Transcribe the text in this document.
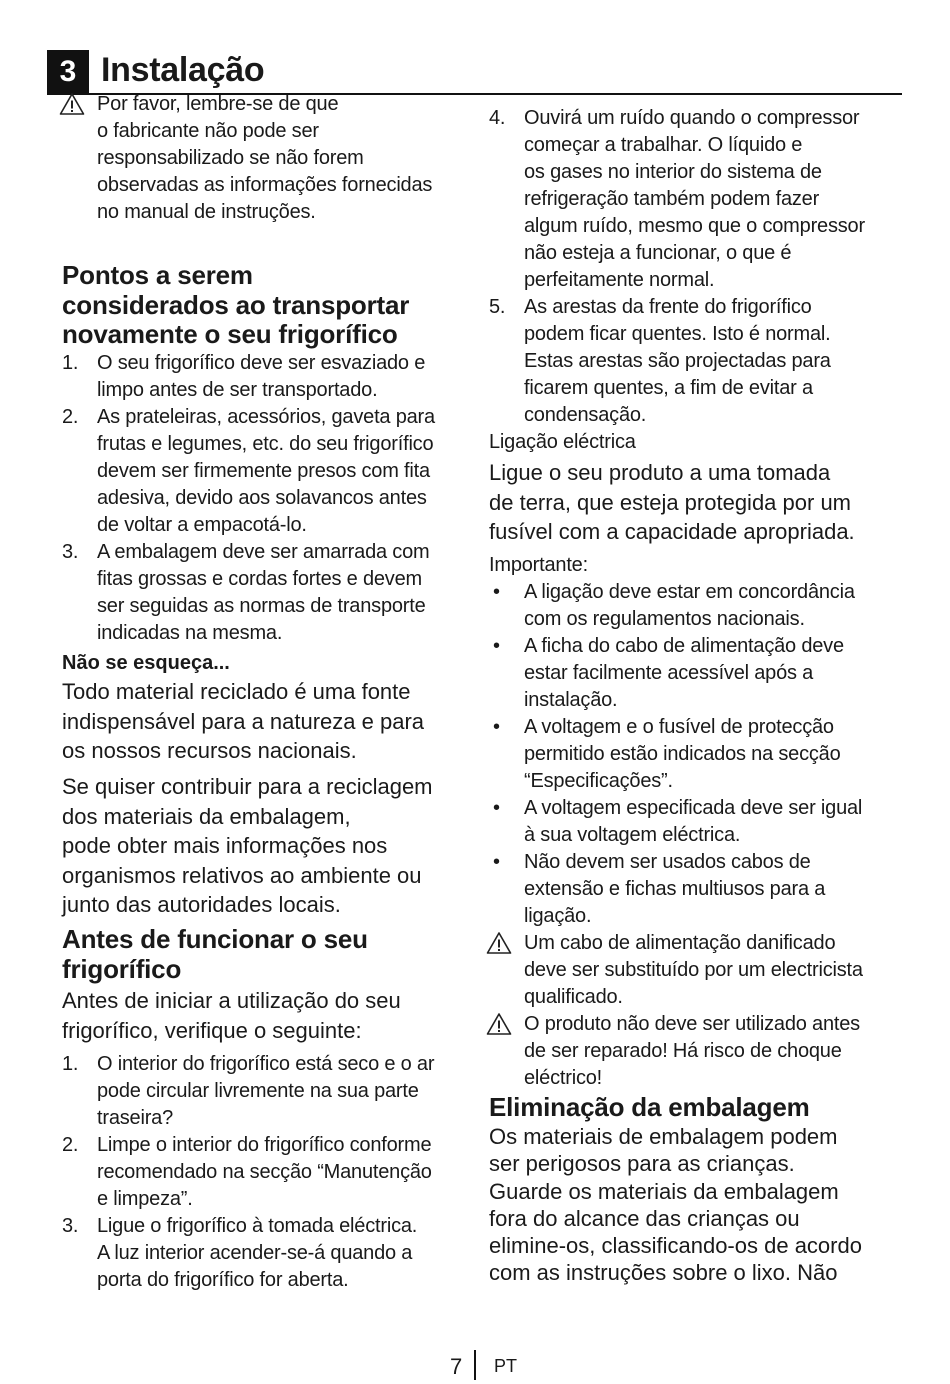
3 Instalação
Por favor, lembre-se de que
o fabricante não pode ser
responsabilizado se não forem
observadas as informações fornecidas
no manual de instruções.
Pontos a serem
considerados ao transportar
novamente o seu frigorífico
1. O seu frigorífico deve ser esvaziado e
limpo antes de ser transportado.
2. As prateleiras, acessórios, gaveta para
frutas e legumes, etc. do seu frigorífico
devem ser firmemente presos com fita
adesiva, devido aos solavancos antes
de voltar a empacotá-lo.
3. A embalagem deve ser amarrada com
fitas grossas e cordas fortes e devem
ser seguidas as normas de transporte
indicadas na mesma.
Não se esqueça...
Todo material reciclado é uma fonte
indispensável para a natureza e para
os nossos recursos nacionais.
Se quiser contribuir para a reciclagem
dos materiais da embalagem,
pode obter mais informações nos
organismos relativos ao ambiente ou
junto das autoridades locais.
Antes de funcionar o seu
frigorífico
Antes de iniciar a utilização do seu
frigorífico, verifique o seguinte:
1. O interior do frigorífico está seco e o ar
pode circular livremente na sua parte
traseira?
2. Limpe o interior do frigorífico conforme
recomendado na secção “Manutenção
e limpeza”.
3. Ligue o frigorífico à tomada eléctrica.
A luz interior acender-se-á quando a
porta do frigorífico for aberta.
4. Ouvirá um ruído quando o compressor
começar a trabalhar. O líquido e
os gases no interior do sistema de
refrigeração também podem fazer
algum ruído, mesmo que o compressor
não esteja a funcionar, o que é
perfeitamente normal.
5. As arestas da frente do frigorífico
podem ficar quentes. Isto é normal.
Estas arestas são projectadas para
ficarem quentes, a fim de evitar a
condensação.
Ligação eléctrica
Ligue o seu produto a uma tomada
de terra, que esteja protegida por um
fusível com a capacidade apropriada.
Importante:
• A ligação deve estar em concordância
com os regulamentos nacionais.
• A ficha do cabo de alimentação deve
estar facilmente acessível após a
instalação.
• A voltagem e o fusível de protecção
permitido estão indicados na secção
“Especificações”.
• A voltagem especificada deve ser igual
à sua voltagem eléctrica.
• Não devem ser usados cabos de
extensão e fichas multiusos para a
ligação.
Um cabo de alimentação danificado
deve ser substituído por um electricista
qualificado.
O produto não deve ser utilizado antes
de ser reparado! Há risco de choque
eléctrico!
Eliminação da embalagem
Os materiais de embalagem podem
ser perigosos para as crianças.
Guarde os materiais da embalagem
fora do alcance das crianças ou
elimine-os, classificando-os de acordo
com as instruções sobre o lixo. Não
7 PT
